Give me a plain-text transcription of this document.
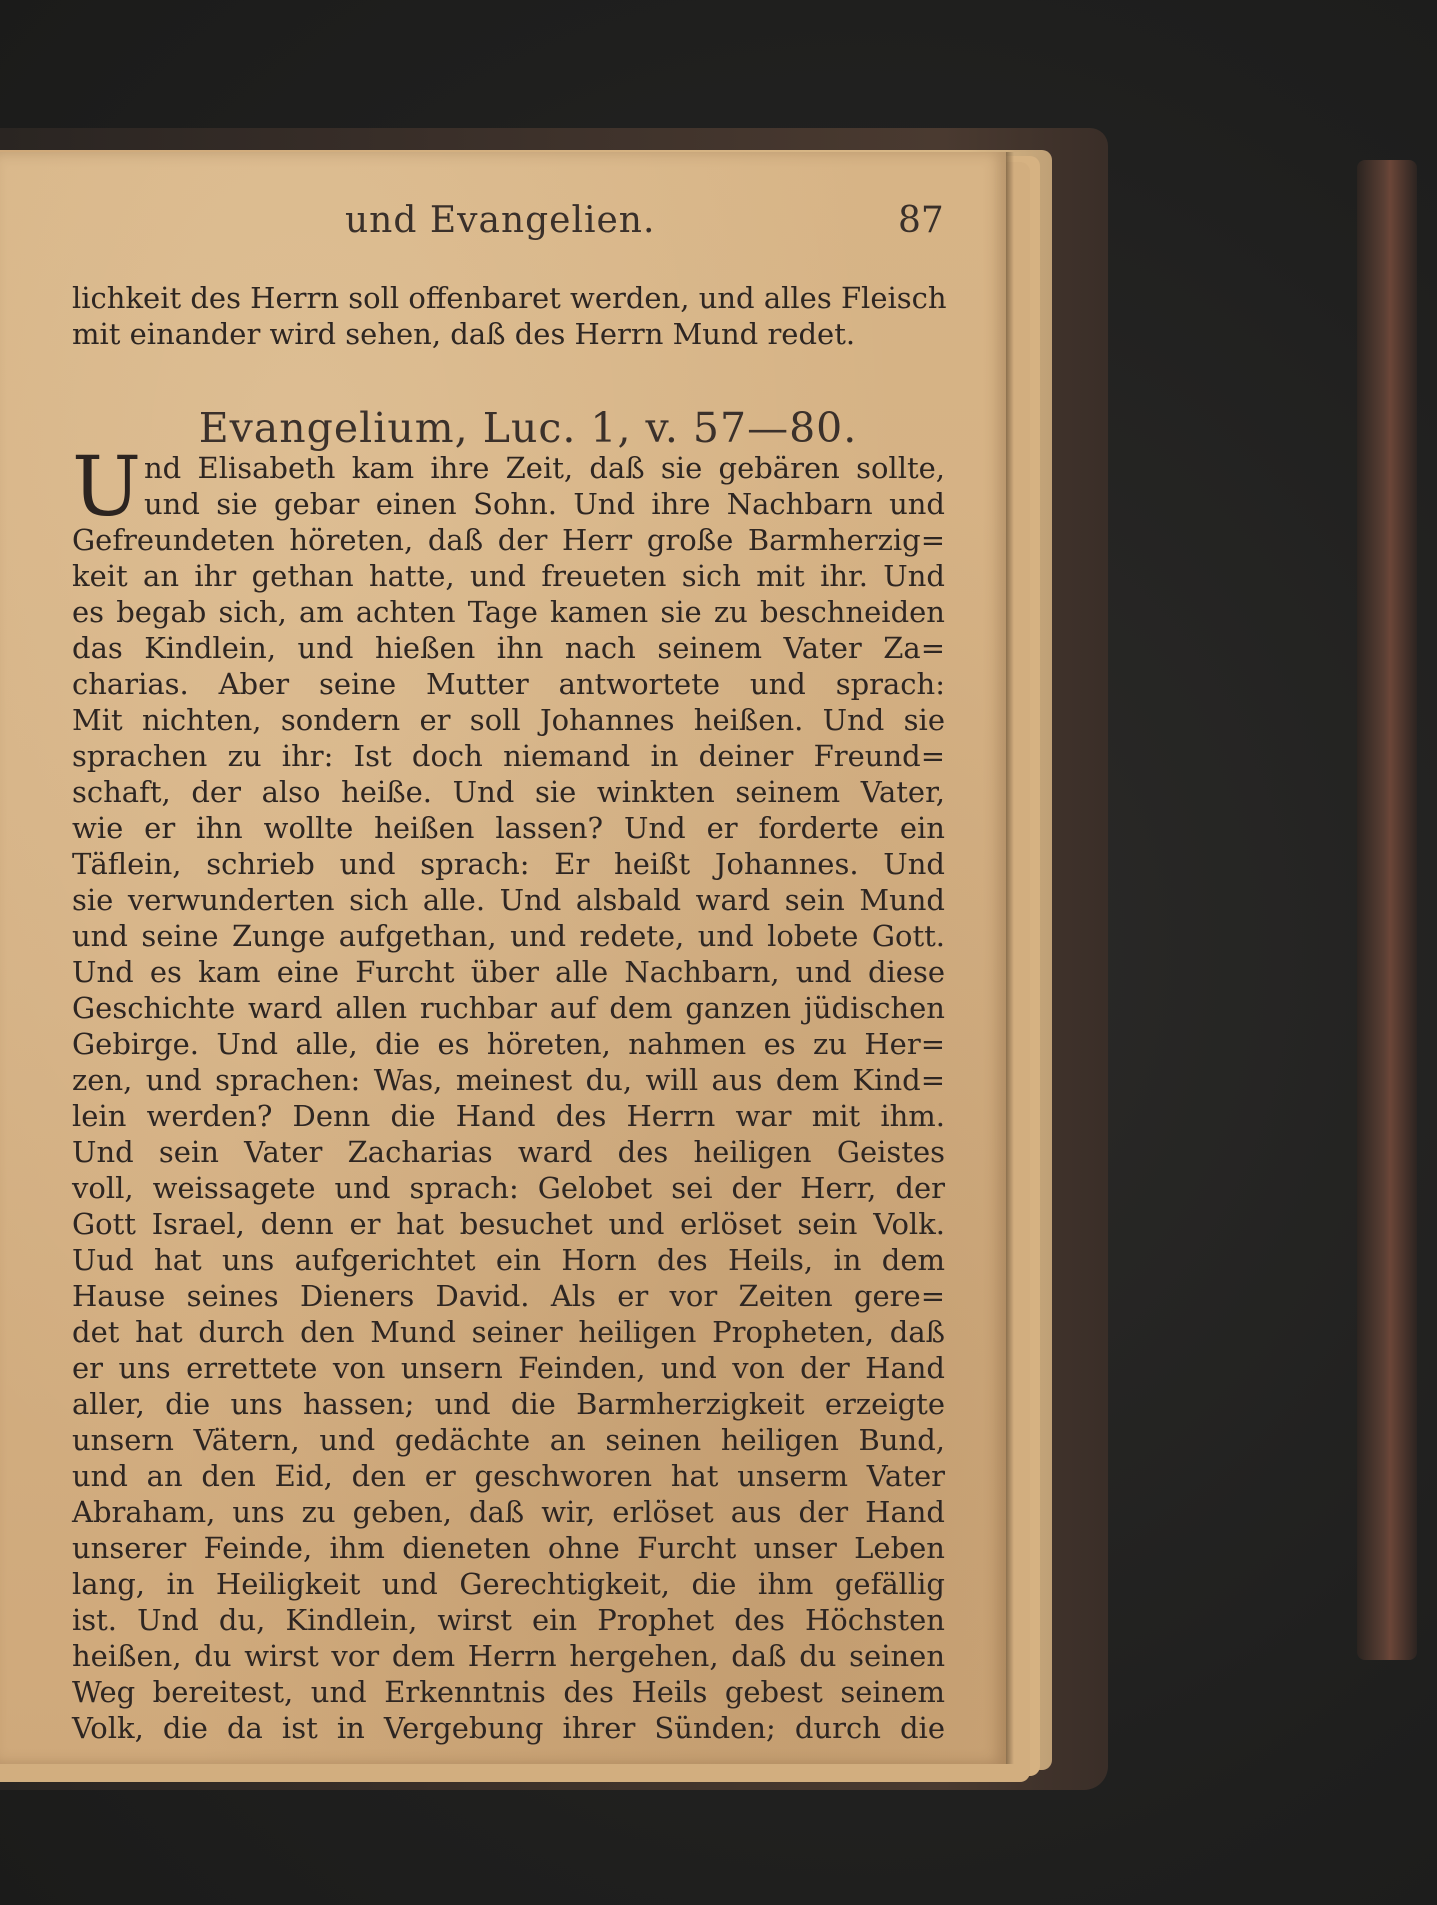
und Evangelien.	87
lichkeit des Herrn soll offenbaret werden, und alles Fleisch
mit einander wird sehen, daß des Herrn Mund redet.
Evangelium, Luc. 1, v. 57—80.
U nd Elisabeth kam ihre Zeit, daß sie gebären sollte,
und sie gebar einen Sohn. Und ihre Nachbarn und
Gefreundeten höreten, daß der Herr große Barmherzig=
keit an ihr gethan hatte, und freueten sich mit ihr. Und
es begab sich, am achten Tage kamen sie zu beschneiden
das Kindlein, und hießen ihn nach seinem Vater Za=
charias. Aber seine Mutter antwortete und sprach:
Mit nichten, sondern er soll Johannes heißen. Und sie
sprachen zu ihr: Ist doch niemand in deiner Freund=
schaft, der also heiße. Und sie winkten seinem Vater,
wie er ihn wollte heißen lassen? Und er forderte ein
Täflein, schrieb und sprach: Er heißt Johannes. Und
sie verwunderten sich alle. Und alsbald ward sein Mund
und seine Zunge aufgethan, und redete, und lobete Gott.
Und es kam eine Furcht über alle Nachbarn, und diese
Geschichte ward allen ruchbar auf dem ganzen jüdischen
Gebirge. Und alle, die es höreten, nahmen es zu Her=
zen, und sprachen: Was, meinest du, will aus dem Kind=
lein werden? Denn die Hand des Herrn war mit ihm.
Und sein Vater Zacharias ward des heiligen Geistes
voll, weissagete und sprach: Gelobet sei der Herr, der
Gott Israel, denn er hat besuchet und erlöset sein Volk.
Uud hat uns aufgerichtet ein Horn des Heils, in dem
Hause seines Dieners David. Als er vor Zeiten gere=
det hat durch den Mund seiner heiligen Propheten, daß
er uns errettete von unsern Feinden, und von der Hand
aller, die uns hassen; und die Barmherzigkeit erzeigte
unsern Vätern, und gedächte an seinen heiligen Bund,
und an den Eid, den er geschworen hat unserm Vater
Abraham, uns zu geben, daß wir, erlöset aus der Hand
unserer Feinde, ihm dieneten ohne Furcht unser Leben
lang, in Heiligkeit und Gerechtigkeit, die ihm gefällig
ist. Und du, Kindlein, wirst ein Prophet des Höchsten
heißen, du wirst vor dem Herrn hergehen, daß du seinen
Weg bereitest, und Erkenntnis des Heils gebest seinem
Volk, die da ist in Vergebung ihrer Sünden; durch die
